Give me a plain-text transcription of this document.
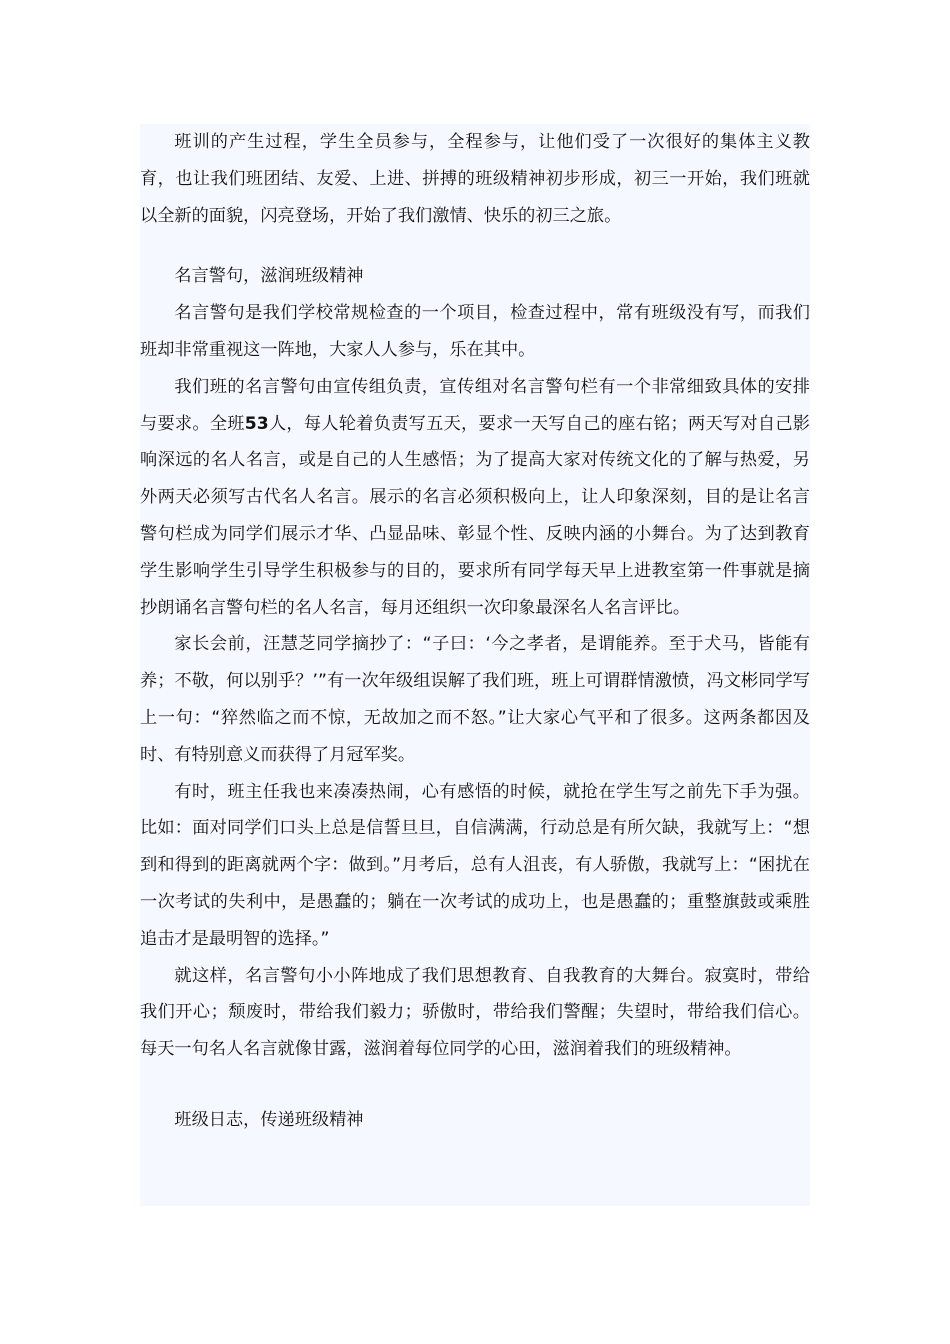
班训的产生过程，学生全员参与，全程参与，让他们受了一次很好的集体主义教育，也让我们班团结、友爱、上进、拼搏的班级精神初步形成，初三一开始，我们班就以全新的面貌，闪亮登场，开始了我们激情、快乐的初三之旅。

名言警句，滋润班级精神

名言警句是我们学校常规检查的一个项目，检查过程中，常有班级没有写，而我们班却非常重视这一阵地，大家人人参与，乐在其中。

我们班的名言警句由宣传组负责，宣传组对名言警句栏有一个非常细致具体的安排与要求。全班53人，每人轮着负责写五天，要求一天写自己的座右铭；两天写对自己影响深远的名人名言，或是自己的人生感悟；为了提高大家对传统文化的了解与热爱，另外两天必须写古代名人名言。展示的名言必须积极向上，让人印象深刻，目的是让名言警句栏成为同学们展示才华、凸显品味、彰显个性、反映内涵的小舞台。为了达到教育学生影响学生引导学生积极参与的目的，要求所有同学每天早上进教室第一件事就是摘抄朗诵名言警句栏的名人名言，每月还组织一次印象最深名人名言评比。

家长会前，汪慧芝同学摘抄了：“子曰：‘今之孝者，是谓能养。至于犬马，皆能有养；不敬，何以别乎？’”有一次年级组误解了我们班，班上可谓群情激愤，冯文彬同学写上一句：“猝然临之而不惊，无故加之而不怒。”让大家心气平和了很多。这两条都因及时、有特别意义而获得了月冠军奖。

有时，班主任我也来凑凑热闹，心有感悟的时候，就抢在学生写之前先下手为强。比如：面对同学们口头上总是信誓旦旦，自信满满，行动总是有所欠缺，我就写上：“想到和得到的距离就两个字：做到。”月考后，总有人沮丧，有人骄傲，我就写上：“困扰在一次考试的失利中，是愚蠢的；躺在一次考试的成功上，也是愚蠢的；重整旗鼓或乘胜追击才是最明智的选择。”

就这样，名言警句小小阵地成了我们思想教育、自我教育的大舞台。寂寞时，带给我们开心；颓废时，带给我们毅力；骄傲时，带给我们警醒；失望时，带给我们信心。每天一句名人名言就像甘露，滋润着每位同学的心田，滋润着我们的班级精神。

班级日志，传递班级精神
